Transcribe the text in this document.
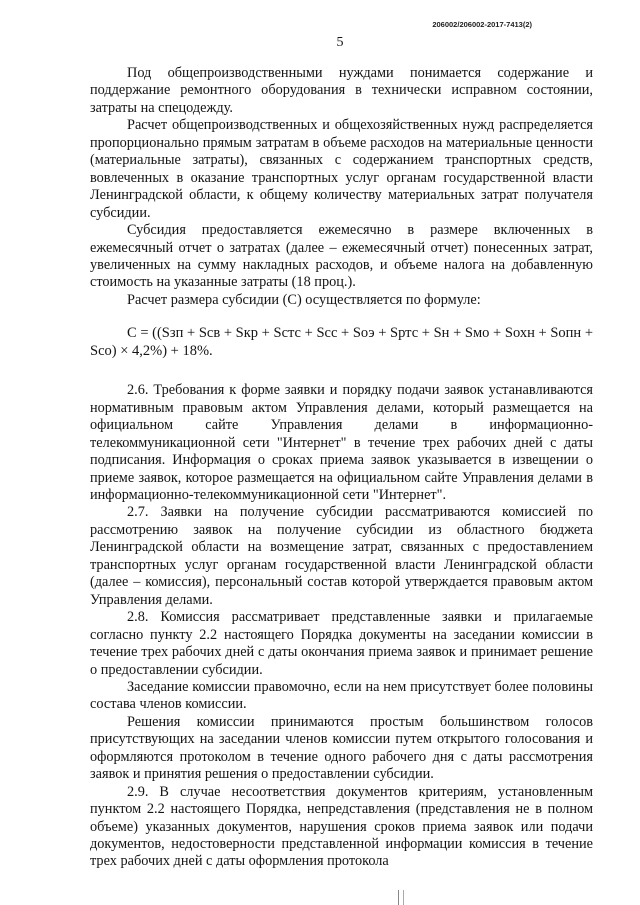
206002/206002-2017-7413(2)
5

Под общепроизводственными нуждами понимается содержание и поддержание ремонтного оборудования в технически исправном состоянии, затраты на спецодежду.

Расчет общепроизводственных и общехозяйственных нужд распределяется пропорционально прямым затратам в объеме расходов на материальные ценности (материальные затраты), связанных с содержанием транспортных средств, вовлеченных в оказание транспортных услуг органам государственной власти Ленинградской области, к общему количеству материальных затрат получателя субсидии.

Субсидия предоставляется ежемесячно в размере включенных в ежемесячный отчет о затратах (далее – ежемесячный отчет) понесенных затрат, увеличенных на сумму накладных расходов, и объеме налога на добавленную стоимость на указанные затраты (18 проц.).

Расчет размера субсидии (С) осуществляется по формуле:

С = ((Sзп + Sсв + Sкр + Sстс + Sсс + Sоэ + Sртс + Sн + Sмо + Sохн + Sопн + Sсо) × 4,2%) + 18%.

2.6. Требования к форме заявки и порядку подачи заявок устанавливаются нормативным правовым актом Управления делами, который размещается на официальном сайте Управления делами в информационно-телекоммуникационной сети "Интернет" в течение трех рабочих дней с даты подписания. Информация о сроках приема заявок указывается в извещении о приеме заявок, которое размещается на официальном сайте Управления делами в информационно-телекоммуникационной сети "Интернет".

2.7. Заявки на получение субсидии рассматриваются комиссией по рассмотрению заявок на получение субсидии из областного бюджета Ленинградской области на возмещение затрат, связанных с предоставлением транспортных услуг органам государственной власти Ленинградской области (далее – комиссия), персональный состав которой утверждается правовым актом Управления делами.

2.8. Комиссия рассматривает представленные заявки и прилагаемые согласно пункту 2.2 настоящего Порядка документы на заседании комиссии в течение трех рабочих дней с даты окончания приема заявок и принимает решение о предоставлении субсидии.

Заседание комиссии правомочно, если на нем присутствует более половины состава членов комиссии.

Решения комиссии принимаются простым большинством голосов присутствующих на заседании членов комиссии путем открытого голосования и оформляются протоколом в течение одного рабочего дня с даты рассмотрения заявок и принятия решения о предоставлении субсидии.

2.9. В случае несоответствия документов критериям, установленным пунктом 2.2 настоящего Порядка, непредставления (представления не в полном объеме) указанных документов, нарушения сроков приема заявок или подачи документов, недостоверности представленной информации комиссия в течение трех рабочих дней с даты оформления протокола
